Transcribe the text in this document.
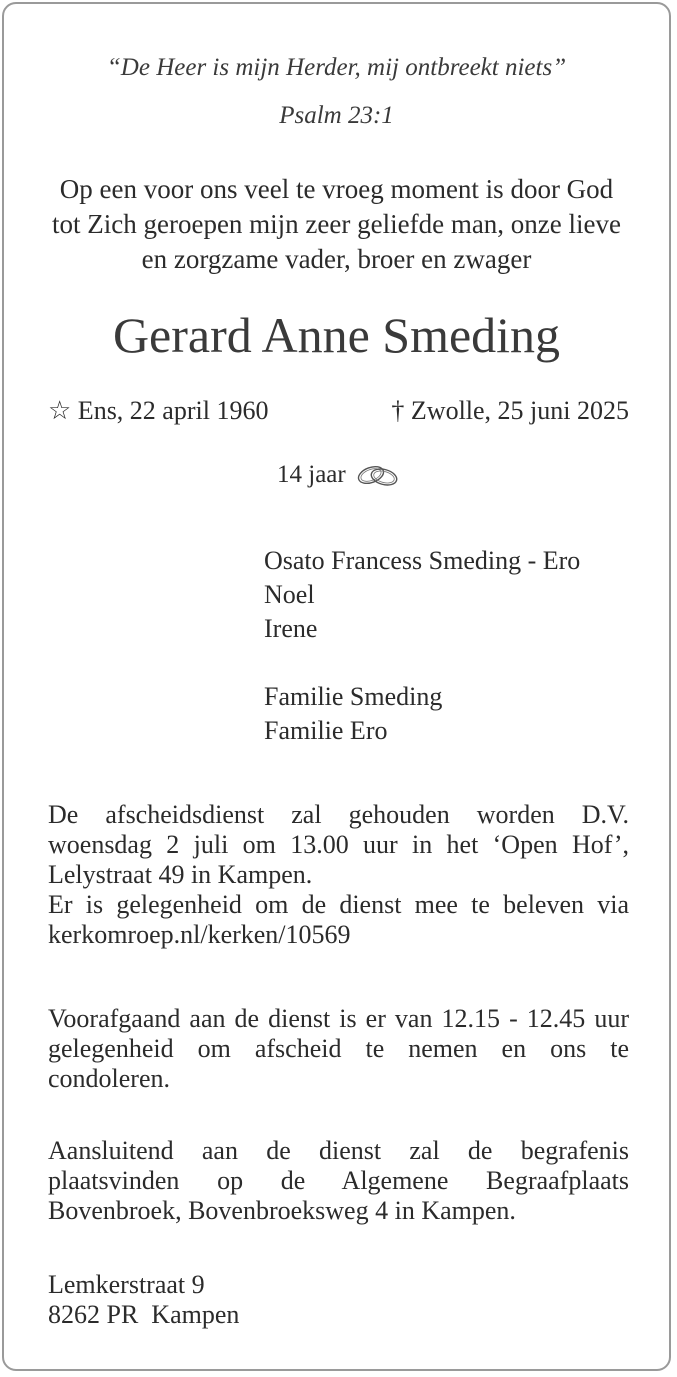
“De Heer is mijn Herder, mij ontbreekt niets”
Psalm 23:1
Op een voor ons veel te vroeg moment is door God
tot Zich geroepen mijn zeer geliefde man, onze lieve
en zorgzame vader, broer en zwager
Gerard Anne Smeding
☆ Ens, 22 april 1960	† Zwolle, 25 juni 2025
14 jaar
Osato Francess Smeding - Ero
Noel
Irene
Familie Smeding
Familie Ero
De afscheidsdienst zal gehouden worden D.V.
woensdag 2 juli om 13.00 uur in het ‘Open Hof’,
Lelystraat 49 in Kampen.
Er is gelegenheid om de dienst mee te beleven via
kerkomroep.nl/kerken/10569
Voorafgaand aan de dienst is er van 12.15 - 12.45 uur
gelegenheid om afscheid te nemen en ons te
condoleren.
Aansluitend aan de dienst zal de begrafenis
plaatsvinden op de Algemene Begraafplaats
Bovenbroek, Bovenbroeksweg 4 in Kampen.
Lemkerstraat 9
8262 PR  Kampen
